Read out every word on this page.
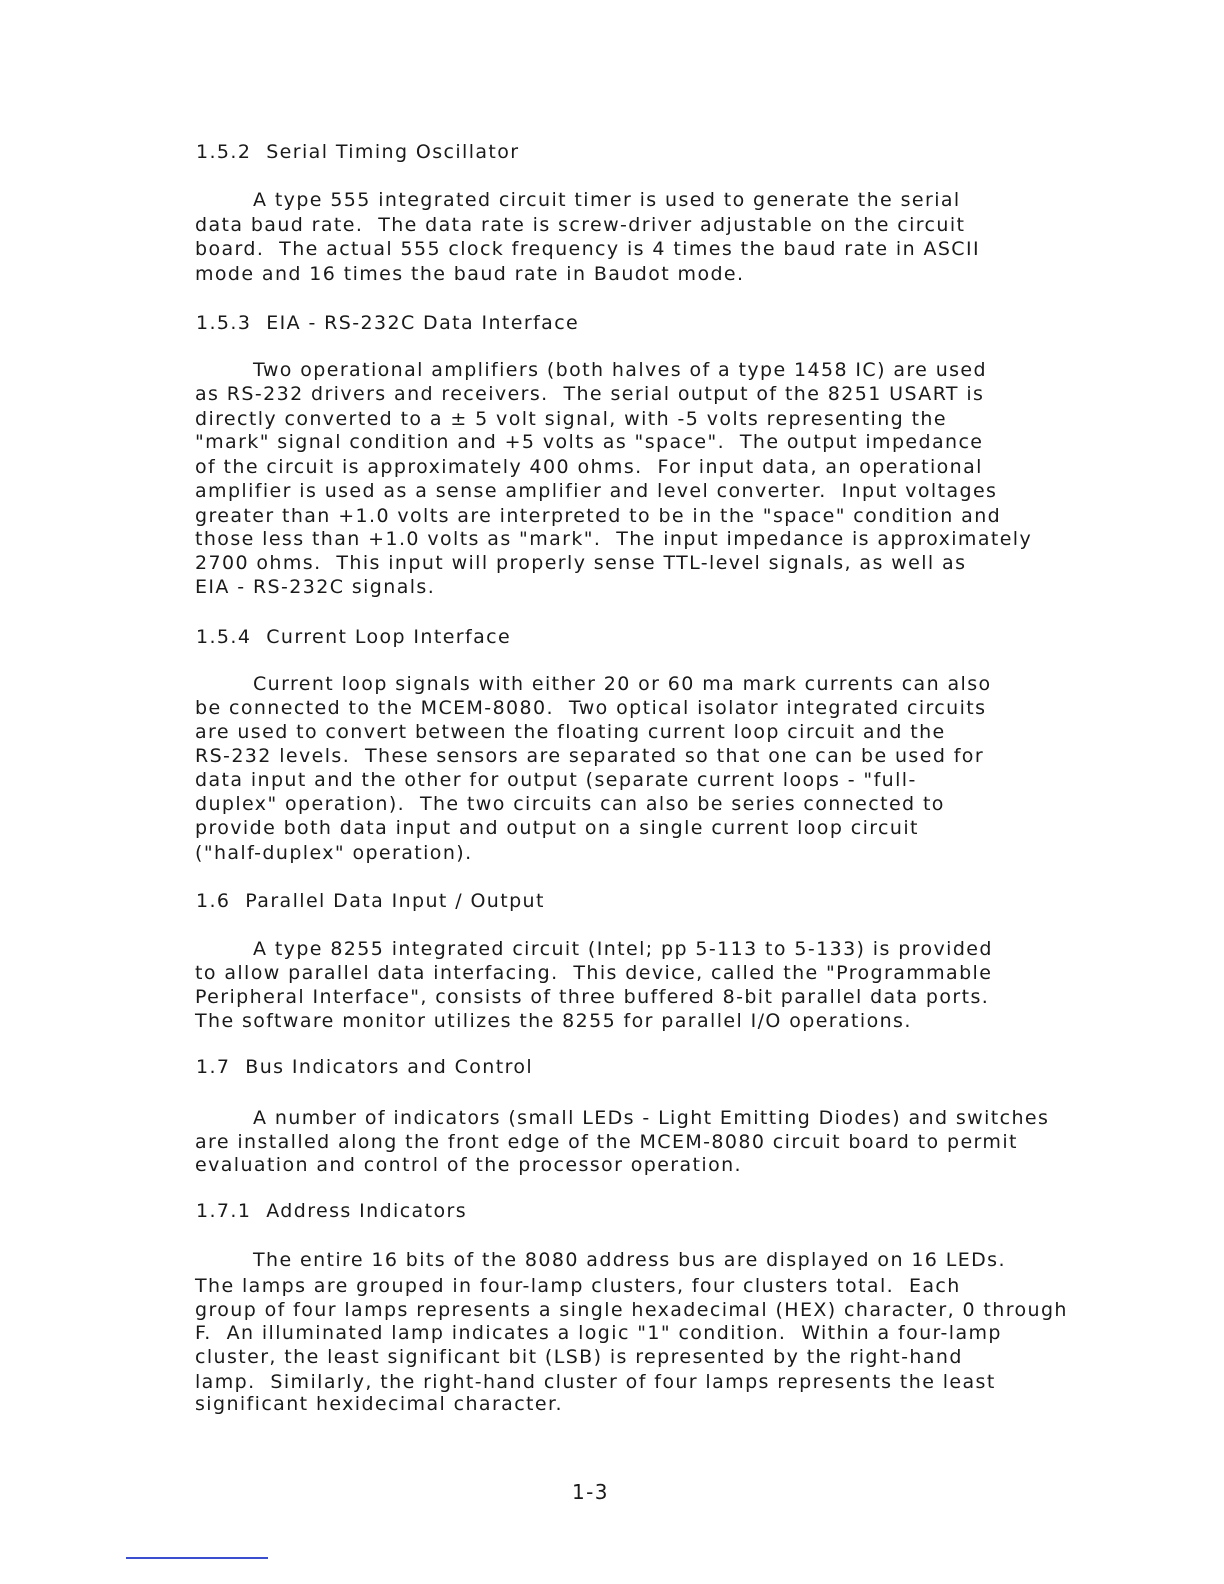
1.5.2  Serial Timing Oscillator

A type 555 integrated circuit timer is used to generate the serial

data baud rate.  The data rate is screw-driver adjustable on the circuit

board.  The actual 555 clock frequency is 4 times the baud rate in ASCII

mode and 16 times the baud rate in Baudot mode.

1.5.3  EIA - RS-232C Data Interface

Two operational amplifiers (both halves of a type 1458 IC) are used

as RS-232 drivers and receivers.  The serial output of the 8251 USART is

directly converted to a ± 5 volt signal, with -5 volts representing the

"mark" signal condition and +5 volts as "space".  The output impedance

of the circuit is approximately 400 ohms.  For input data, an operational

amplifier is used as a sense amplifier and level converter.  Input voltages

greater than +1.0 volts are interpreted to be in the "space" condition and

those less than +1.0 volts as "mark".  The input impedance is approximately

2700 ohms.  This input will properly sense TTL-level signals, as well as

EIA - RS-232C signals.

1.5.4  Current Loop Interface

Current loop signals with either 20 or 60 ma mark currents can also

be connected to the MCEM-8080.  Two optical isolator integrated circuits

are used to convert between the floating current loop circuit and the

RS-232 levels.  These sensors are separated so that one can be used for

data input and the other for output (separate current loops - "full-

duplex" operation).  The two circuits can also be series connected to

provide both data input and output on a single current loop circuit

("half-duplex" operation).

1.6  Parallel Data Input / Output

A type 8255 integrated circuit (Intel; pp 5-113 to 5-133) is provided

to allow parallel data interfacing.  This device, called the "Programmable

Peripheral Interface", consists of three buffered 8-bit parallel data ports.

The software monitor utilizes the 8255 for parallel I/O operations.

1.7  Bus Indicators and Control

A number of indicators (small LEDs - Light Emitting Diodes) and switches

are installed along the front edge of the MCEM-8080 circuit board to permit

evaluation and control of the processor operation.

1.7.1  Address Indicators

The entire 16 bits of the 8080 address bus are displayed on 16 LEDs.

The lamps are grouped in four-lamp clusters, four clusters total.  Each

group of four lamps represents a single hexadecimal (HEX) character, 0 through

F.  An illuminated lamp indicates a logic "1" condition.  Within a four-lamp

cluster, the least significant bit (LSB) is represented by the right-hand

lamp.  Similarly, the right-hand cluster of four lamps represents the least

significant hexidecimal character.

1-3
